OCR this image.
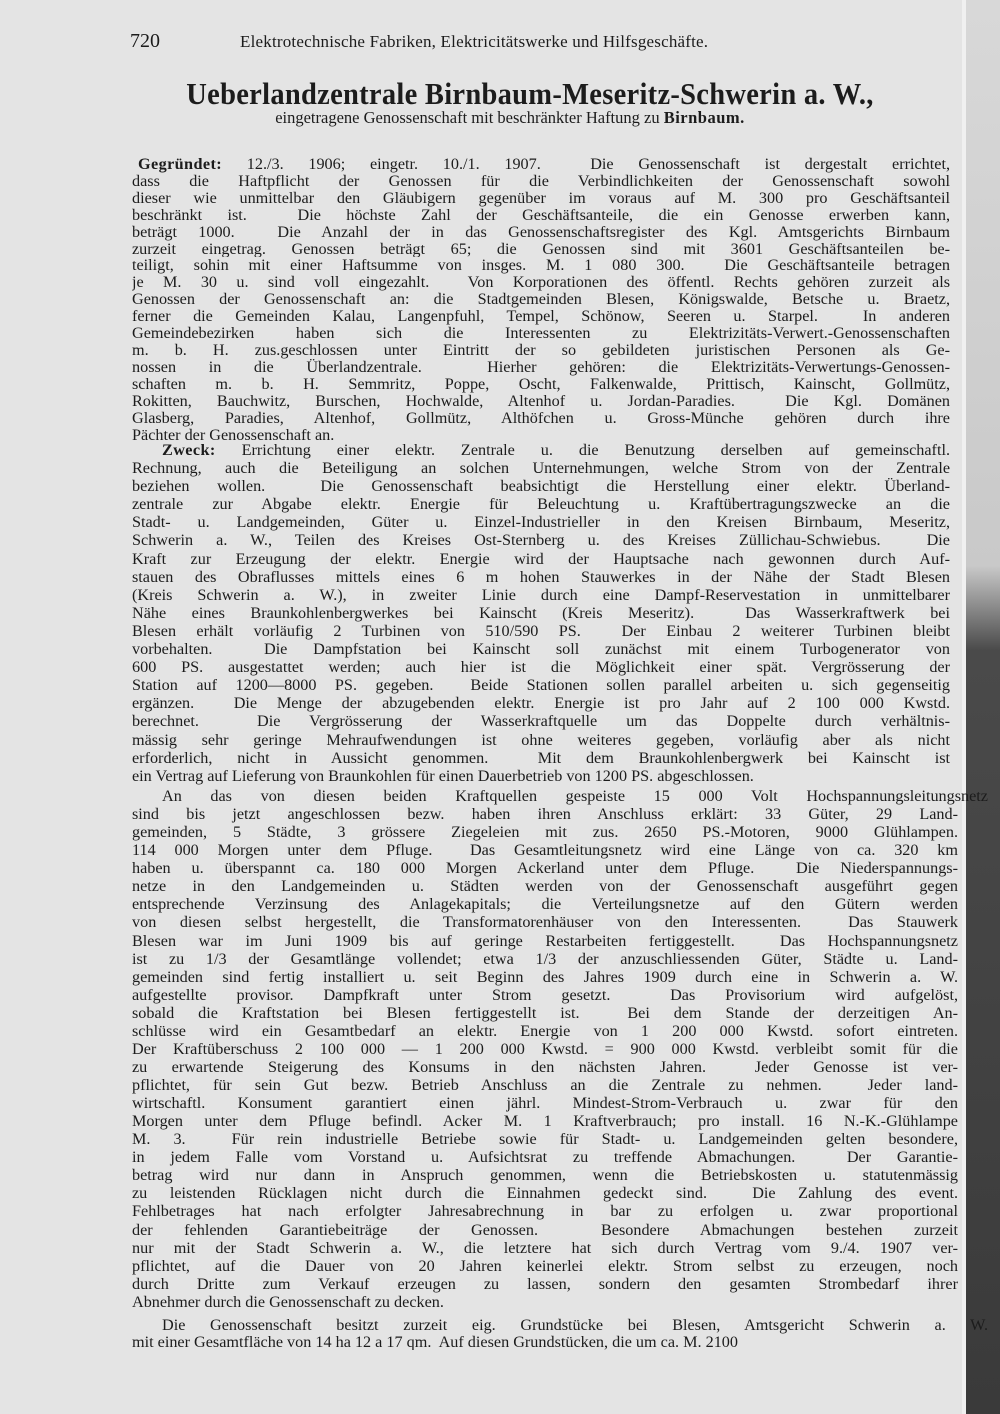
720	Elektrotechnische Fabriken, Elektricitätswerke und Hilfsgeschäfte.
Ueberlandzentrale Birnbaum-Meseritz-Schwerin a. W.,
eingetragene Genossenschaft mit beschränkter Haftung zu Birnbaum.
Gegründet: 12./3. 1906; eingetr. 10./1. 1907.  Die Genossenschaft ist dergestalt errichtet,
dass die Haftpflicht der Genossen für die Verbindlichkeiten der Genossenschaft sowohl
dieser wie unmittelbar den Gläubigern gegenüber im voraus auf M. 300 pro Geschäftsanteil
beschränkt ist.  Die höchste Zahl der Geschäftsanteile, die ein Genosse erwerben kann,
beträgt 1000.  Die Anzahl der in das Genossenschaftsregister des Kgl. Amtsgerichts Birnbaum
zurzeit eingetrag. Genossen beträgt 65; die Genossen sind mit 3601 Geschäftsanteilen be-
teiligt, sohin mit einer Haftsumme von insges. M. 1 080 300.  Die Geschäftsanteile betragen
je M. 30 u. sind voll eingezahlt.  Von Korporationen des öffentl. Rechts gehören zurzeit als
Genossen der Genossenschaft an: die Stadtgemeinden Blesen, Königswalde, Betsche u. Braetz,
ferner die Gemeinden Kalau, Langenpfuhl, Tempel, Schönow, Seeren u. Starpel.  In anderen
Gemeindebezirken haben sich die Interessenten zu Elektrizitäts-Verwert.-Genossenschaften
m. b. H. zus.geschlossen unter Eintritt der so gebildeten juristischen Personen als Ge-
nossen in die Überlandzentrale.  Hierher gehören: die Elektrizitäts-Verwertungs-Genossen-
schaften m. b. H. Semmritz, Poppe, Oscht, Falkenwalde, Prittisch, Kainscht, Gollmütz,
Rokitten, Bauchwitz, Burschen, Hochwalde, Altenhof u. Jordan-Paradies.  Die Kgl. Domänen
Glasberg, Paradies, Altenhof, Gollmütz, Althöfchen u. Gross-Münche gehören durch ihre
Pächter der Genossenschaft an.
Zweck: Errichtung einer elektr. Zentrale u. die Benutzung derselben auf gemeinschaftl.
Rechnung, auch die Beteiligung an solchen Unternehmungen, welche Strom von der Zentrale
beziehen wollen.  Die Genossenschaft beabsichtigt die Herstellung einer elektr. Überland-
zentrale zur Abgabe elektr. Energie für Beleuchtung u. Kraftübertragungszwecke an die
Stadt- u. Landgemeinden, Güter u. Einzel-Industrieller in den Kreisen Birnbaum, Meseritz,
Schwerin a. W., Teilen des Kreises Ost-Sternberg u. des Kreises Züllichau-Schwiebus.  Die
Kraft zur Erzeugung der elektr. Energie wird der Hauptsache nach gewonnen durch Auf-
stauen des Obraflusses mittels eines 6 m hohen Stauwerkes in der Nähe der Stadt Blesen
(Kreis Schwerin a. W.), in zweiter Linie durch eine Dampf-Reservestation in unmittelbarer
Nähe eines Braunkohlenbergwerkes bei Kainscht (Kreis Meseritz).  Das Wasserkraftwerk bei
Blesen erhält vorläufig 2 Turbinen von 510/590 PS.  Der Einbau 2 weiterer Turbinen bleibt
vorbehalten.  Die Dampfstation bei Kainscht soll zunächst mit einem Turbogenerator von
600 PS. ausgestattet werden; auch hier ist die Möglichkeit einer spät. Vergrösserung der
Station auf 1200—8000 PS. gegeben.  Beide Stationen sollen parallel arbeiten u. sich gegenseitig
ergänzen.  Die Menge der abzugebenden elektr. Energie ist pro Jahr auf 2 100 000 Kwstd.
berechnet.  Die Vergrösserung der Wasserkraftquelle um das Doppelte durch verhältnis-
mässig sehr geringe Mehraufwendungen ist ohne weiteres gegeben, vorläufig aber als nicht
erforderlich, nicht in Aussicht genommen.  Mit dem Braunkohlenbergwerk bei Kainscht ist
ein Vertrag auf Lieferung von Braunkohlen für einen Dauerbetrieb von 1200 PS. abgeschlossen.
An das von diesen beiden Kraftquellen gespeiste 15 000 Volt Hochspannungsleitungsnetz
sind bis jetzt angeschlossen bezw. haben ihren Anschluss erklärt: 33 Güter, 29 Land-
gemeinden, 5 Städte, 3 grössere Ziegeleien mit zus. 2650 PS.-Motoren, 9000 Glühlampen.
114 000 Morgen unter dem Pfluge.  Das Gesamtleitungsnetz wird eine Länge von ca. 320 km
haben u. überspannt ca. 180 000 Morgen Ackerland unter dem Pfluge.  Die Niederspannungs-
netze in den Landgemeinden u. Städten werden von der Genossenschaft ausgeführt gegen
entsprechende Verzinsung des Anlagekapitals; die Verteilungsnetze auf den Gütern werden
von diesen selbst hergestellt, die Transformatorenhäuser von den Interessenten.  Das Stauwerk
Blesen war im Juni 1909 bis auf geringe Restarbeiten fertiggestellt.  Das Hochspannungsnetz
ist zu 1/3 der Gesamtlänge vollendet; etwa 1/3 der anzuschliessenden Güter, Städte u. Land-
gemeinden sind fertig installiert u. seit Beginn des Jahres 1909 durch eine in Schwerin a. W.
aufgestellte provisor. Dampfkraft unter Strom gesetzt.  Das Provisorium wird aufgelöst,
sobald die Kraftstation bei Blesen fertiggestellt ist.  Bei dem Stande der derzeitigen An-
schlüsse wird ein Gesamtbedarf an elektr. Energie von 1 200 000 Kwstd. sofort eintreten.
Der Kraftüberschuss 2 100 000 — 1 200 000 Kwstd. = 900 000 Kwstd. verbleibt somit für die
zu erwartende Steigerung des Konsums in den nächsten Jahren.  Jeder Genosse ist ver-
pflichtet, für sein Gut bezw. Betrieb Anschluss an die Zentrale zu nehmen.  Jeder land-
wirtschaftl. Konsument garantiert einen jährl. Mindest-Strom-Verbrauch u. zwar für den
Morgen unter dem Pfluge befindl. Acker M. 1 Kraftverbrauch; pro install. 16 N.-K.-Glühlampe
M. 3.  Für rein industrielle Betriebe sowie für Stadt- u. Landgemeinden gelten besondere,
in jedem Falle vom Vorstand u. Aufsichtsrat zu treffende Abmachungen.  Der Garantie-
betrag wird nur dann in Anspruch genommen, wenn die Betriebskosten u. statutenmässig
zu leistenden Rücklagen nicht durch die Einnahmen gedeckt sind.  Die Zahlung des event.
Fehlbetrages hat nach erfolgter Jahresabrechnung in bar zu erfolgen u. zwar proportional
der fehlenden Garantiebeiträge der Genossen.  Besondere Abmachungen bestehen zurzeit
nur mit der Stadt Schwerin a. W., die letztere hat sich durch Vertrag vom 9./4. 1907 ver-
pflichtet, auf die Dauer von 20 Jahren keinerlei elektr. Strom selbst zu erzeugen, noch
durch Dritte zum Verkauf erzeugen zu lassen, sondern den gesamten Strombedarf ihrer
Abnehmer durch die Genossenschaft zu decken.
Die Genossenschaft besitzt zurzeit eig. Grundstücke bei Blesen, Amtsgericht Schwerin a. W.
mit einer Gesamtfläche von 14 ha 12 a 17 qm.  Auf diesen Grundstücken, die um ca. M. 2100
